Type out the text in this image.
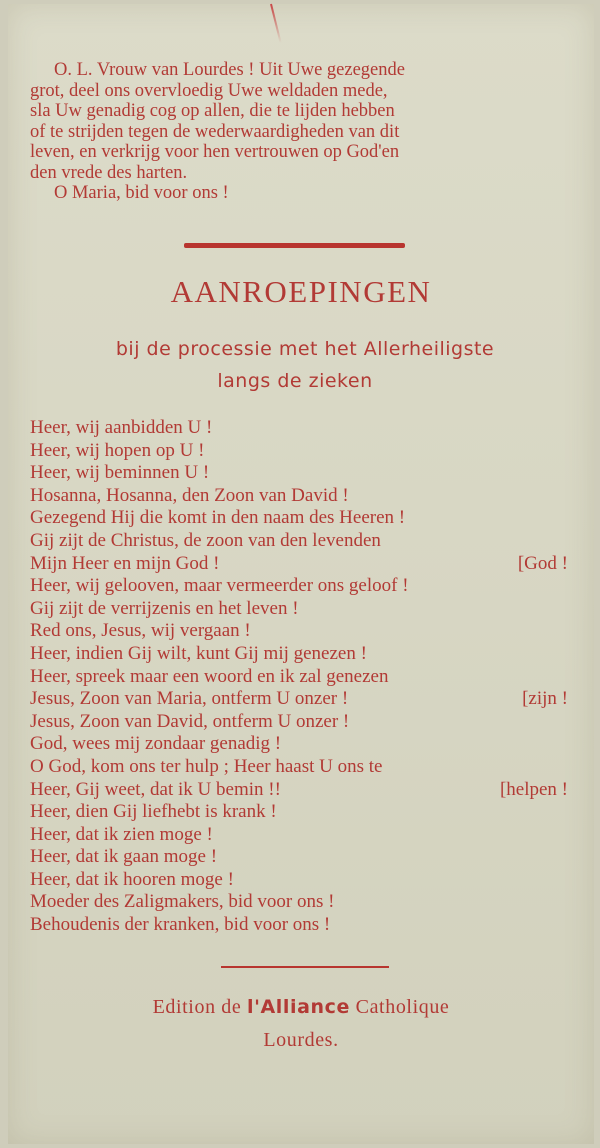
O. L. Vrouw van Lourdes ! Uit Uwe gezegende
grot, deel ons overvloedig Uwe weldaden mede,
sla Uw genadig cog op allen, die te lijden hebben
of te strijden tegen de wederwaardigheden van dit
leven, en verkrijg voor hen vertrouwen op God'en
den vrede des harten.
O Maria, bid voor ons !
AANROEPINGEN
bij de processie met het Allerheiligste
langs de zieken
Heer, wij aanbidden U !
Heer, wij hopen op U !
Heer, wij beminnen U !
Hosanna, Hosanna, den Zoon van David !
Gezegend Hij die komt in den naam des Heeren !
Gij zijt de Christus, de zoon van den levenden
Mijn Heer en mijn God !	[God !
Heer, wij gelooven, maar vermeerder ons geloof !
Gij zijt de verrijzenis en het leven !
Red ons, Jesus, wij vergaan !
Heer, indien Gij wilt, kunt Gij mij genezen !
Heer, spreek maar een woord en ik zal genezen
Jesus, Zoon van Maria, ontferm U onzer !	[zijn !
Jesus, Zoon van David, ontferm U onzer !
God, wees mij zondaar genadig !
O God, kom ons ter hulp ; Heer haast U ons te
Heer, Gij weet, dat ik U bemin !!	[helpen !
Heer, dien Gij liefhebt is krank !
Heer, dat ik zien moge !
Heer, dat ik gaan moge !
Heer, dat ik hooren moge !
Moeder des Zaligmakers, bid voor ons !
Behoudenis der kranken, bid voor ons !
Edition de l'Alliance Catholique
Lourdes.
